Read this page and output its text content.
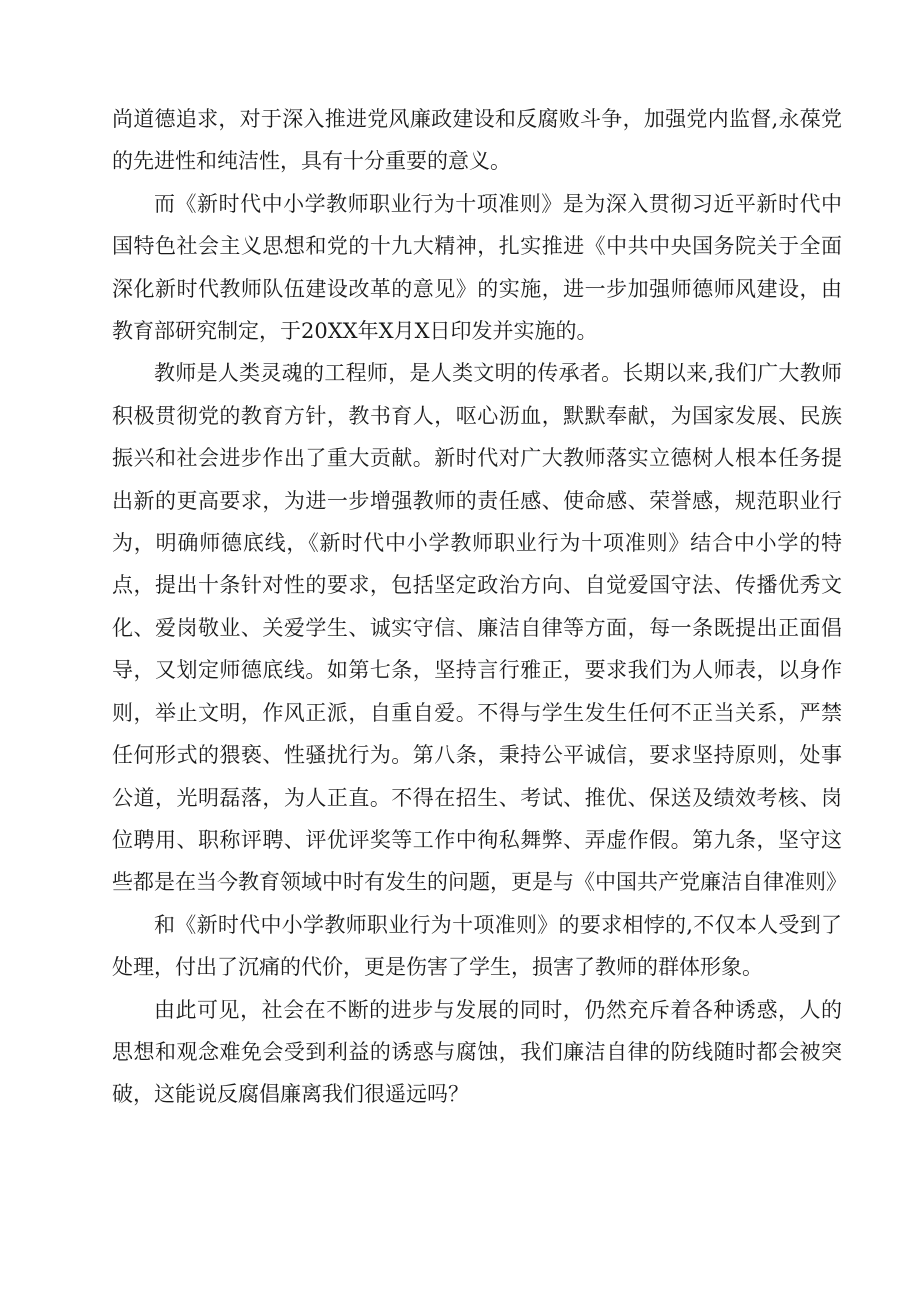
尚道德追求，对于深入推进党风廉政建设和反腐败斗争，加强党内监督,永葆党的先进性和纯洁性，具有十分重要的意义。

而《新时代中小学教师职业行为十项准则》是为深入贯彻习近平新时代中国特色社会主义思想和党的十九大精神，扎实推进《中共中央国务院关于全面深化新时代教师队伍建设改革的意见》的实施，进一步加强师德师风建设，由教育部研究制定，于20XX年X月X日印发并实施的。

教师是人类灵魂的工程师，是人类文明的传承者。长期以来,我们广大教师积极贯彻党的教育方针，教书育人，呕心沥血，默默奉献，为国家发展、民族振兴和社会进步作出了重大贡献。新时代对广大教师落实立德树人根本任务提出新的更高要求，为进一步增强教师的责任感、使命感、荣誉感，规范职业行为，明确师德底线，《新时代中小学教师职业行为十项准则》结合中小学的特点，提出十条针对性的要求，包括坚定政治方向、自觉爱国守法、传播优秀文化、爱岗敬业、关爱学生、诚实守信、廉洁自律等方面，每一条既提出正面倡导，又划定师德底线。如第七条，坚持言行雅正，要求我们为人师表，以身作则，举止文明，作风正派，自重自爱。不得与学生发生任何不正当关系，严禁任何形式的猥亵、性骚扰行为。第八条，秉持公平诚信，要求坚持原则，处事公道，光明磊落，为人正直。不得在招生、考试、推优、保送及绩效考核、岗位聘用、职称评聘、评优评奖等工作中徇私舞弊、弄虚作假。第九条，坚守这些都是在当今教育领域中时有发生的问题，更是与《中国共产党廉洁自律准则》

和《新时代中小学教师职业行为十项准则》的要求相悖的,不仅本人受到了处理，付出了沉痛的代价，更是伤害了学生，损害了教师的群体形象。

由此可见，社会在不断的进步与发展的同时，仍然充斥着各种诱惑，人的思想和观念难免会受到利益的诱惑与腐蚀，我们廉洁自律的防线随时都会被突破，这能说反腐倡廉离我们很遥远吗？
